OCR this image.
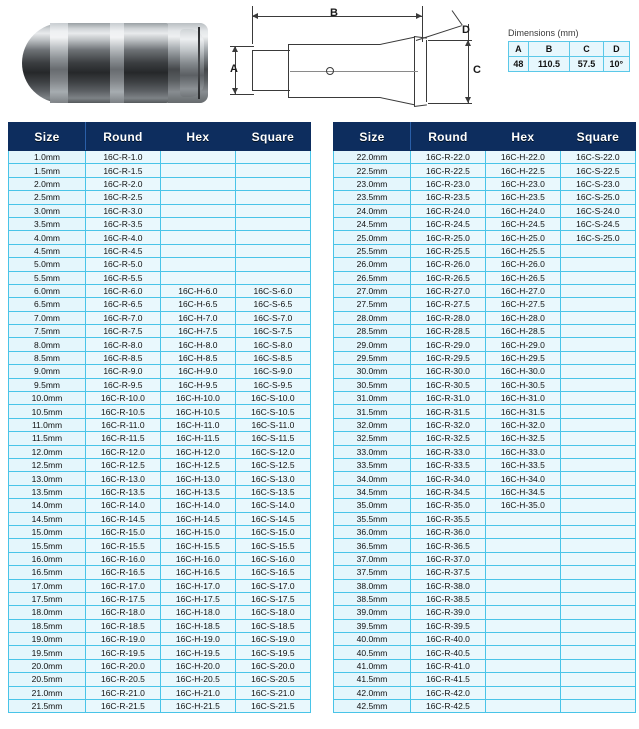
B
A
D
C
Dimensions (mm)
A	B	C	D
48	110.5	57.5	10°
Size	Round	Hex	Square
1.0mm	16C-R-1.0		
1.5mm	16C-R-1.5		
2.0mm	16C-R-2.0		
2.5mm	16C-R-2.5		
3.0mm	16C-R-3.0		
3.5mm	16C-R-3.5		
4.0mm	16C-R-4.0		
4.5mm	16C-R-4.5		
5.0mm	16C-R-5.0		
5.5mm	16C-R-5.5		
6.0mm	16C-R-6.0	16C-H-6.0	16C-S-6.0
6.5mm	16C-R-6.5	16C-H-6.5	16C-S-6.5
7.0mm	16C-R-7.0	16C-H-7.0	16C-S-7.0
7.5mm	16C-R-7.5	16C-H-7.5	16C-S-7.5
8.0mm	16C-R-8.0	16C-H-8.0	16C-S-8.0
8.5mm	16C-R-8.5	16C-H-8.5	16C-S-8.5
9.0mm	16C-R-9.0	16C-H-9.0	16C-S-9.0
9.5mm	16C-R-9.5	16C-H-9.5	16C-S-9.5
10.0mm	16C-R-10.0	16C-H-10.0	16C-S-10.0
10.5mm	16C-R-10.5	16C-H-10.5	16C-S-10.5
11.0mm	16C-R-11.0	16C-H-11.0	16C-S-11.0
11.5mm	16C-R-11.5	16C-H-11.5	16C-S-11.5
12.0mm	16C-R-12.0	16C-H-12.0	16C-S-12.0
12.5mm	16C-R-12.5	16C-H-12.5	16C-S-12.5
13.0mm	16C-R-13.0	16C-H-13.0	16C-S-13.0
13.5mm	16C-R-13.5	16C-H-13.5	16C-S-13.5
14.0mm	16C-R-14.0	16C-H-14.0	16C-S-14.0
14.5mm	16C-R-14.5	16C-H-14.5	16C-S-14.5
15.0mm	16C-R-15.0	16C-H-15.0	16C-S-15.0
15.5mm	16C-R-15.5	16C-H-15.5	16C-S-15.5
16.0mm	16C-R-16.0	16C-H-16.0	16C-S-16.0
16.5mm	16C-R-16.5	16C-H-16.5	16C-S-16.5
17.0mm	16C-R-17.0	16C-H-17.0	16C-S-17.0
17.5mm	16C-R-17.5	16C-H-17.5	16C-S-17.5
18.0mm	16C-R-18.0	16C-H-18.0	16C-S-18.0
18.5mm	16C-R-18.5	16C-H-18.5	16C-S-18.5
19.0mm	16C-R-19.0	16C-H-19.0	16C-S-19.0
19.5mm	16C-R-19.5	16C-H-19.5	16C-S-19.5
20.0mm	16C-R-20.0	16C-H-20.0	16C-S-20.0
20.5mm	16C-R-20.5	16C-H-20.5	16C-S-20.5
21.0mm	16C-R-21.0	16C-H-21.0	16C-S-21.0
21.5mm	16C-R-21.5	16C-H-21.5	16C-S-21.5
Size	Round	Hex	Square
22.0mm	16C-R-22.0	16C-H-22.0	16C-S-22.0
22.5mm	16C-R-22.5	16C-H-22.5	16C-S-22.5
23.0mm	16C-R-23.0	16C-H-23.0	16C-S-23.0
23.5mm	16C-R-23.5	16C-H-23.5	16C-S-25.0
24.0mm	16C-R-24.0	16C-H-24.0	16C-S-24.0
24.5mm	16C-R-24.5	16C-H-24.5	16C-S-24.5
25.0mm	16C-R-25.0	16C-H-25.0	16C-S-25.0
25.5mm	16C-R-25.5	16C-H-25.5	
26.0mm	16C-R-26.0	16C-H-26.0	
26.5mm	16C-R-26.5	16C-H-26.5	
27.0mm	16C-R-27.0	16C-H-27.0	
27.5mm	16C-R-27.5	16C-H-27.5	
28.0mm	16C-R-28.0	16C-H-28.0	
28.5mm	16C-R-28.5	16C-H-28.5	
29.0mm	16C-R-29.0	16C-H-29.0	
29.5mm	16C-R-29.5	16C-H-29.5	
30.0mm	16C-R-30.0	16C-H-30.0	
30.5mm	16C-R-30.5	16C-H-30.5	
31.0mm	16C-R-31.0	16C-H-31.0	
31.5mm	16C-R-31.5	16C-H-31.5	
32.0mm	16C-R-32.0	16C-H-32.0	
32.5mm	16C-R-32.5	16C-H-32.5	
33.0mm	16C-R-33.0	16C-H-33.0	
33.5mm	16C-R-33.5	16C-H-33.5	
34.0mm	16C-R-34.0	16C-H-34.0	
34.5mm	16C-R-34.5	16C-H-34.5	
35.0mm	16C-R-35.0	16C-H-35.0	
35.5mm	16C-R-35.5		
36.0mm	16C-R-36.0		
36.5mm	16C-R-36.5		
37.0mm	16C-R-37.0		
37.5mm	16C-R-37.5		
38.0mm	16C-R-38.0		
38.5mm	16C-R-38.5		
39.0mm	16C-R-39.0		
39.5mm	16C-R-39.5		
40.0mm	16C-R-40.0		
40.5mm	16C-R-40.5		
41.0mm	16C-R-41.0		
41.5mm	16C-R-41.5		
42.0mm	16C-R-42.0		
42.5mm	16C-R-42.5		
